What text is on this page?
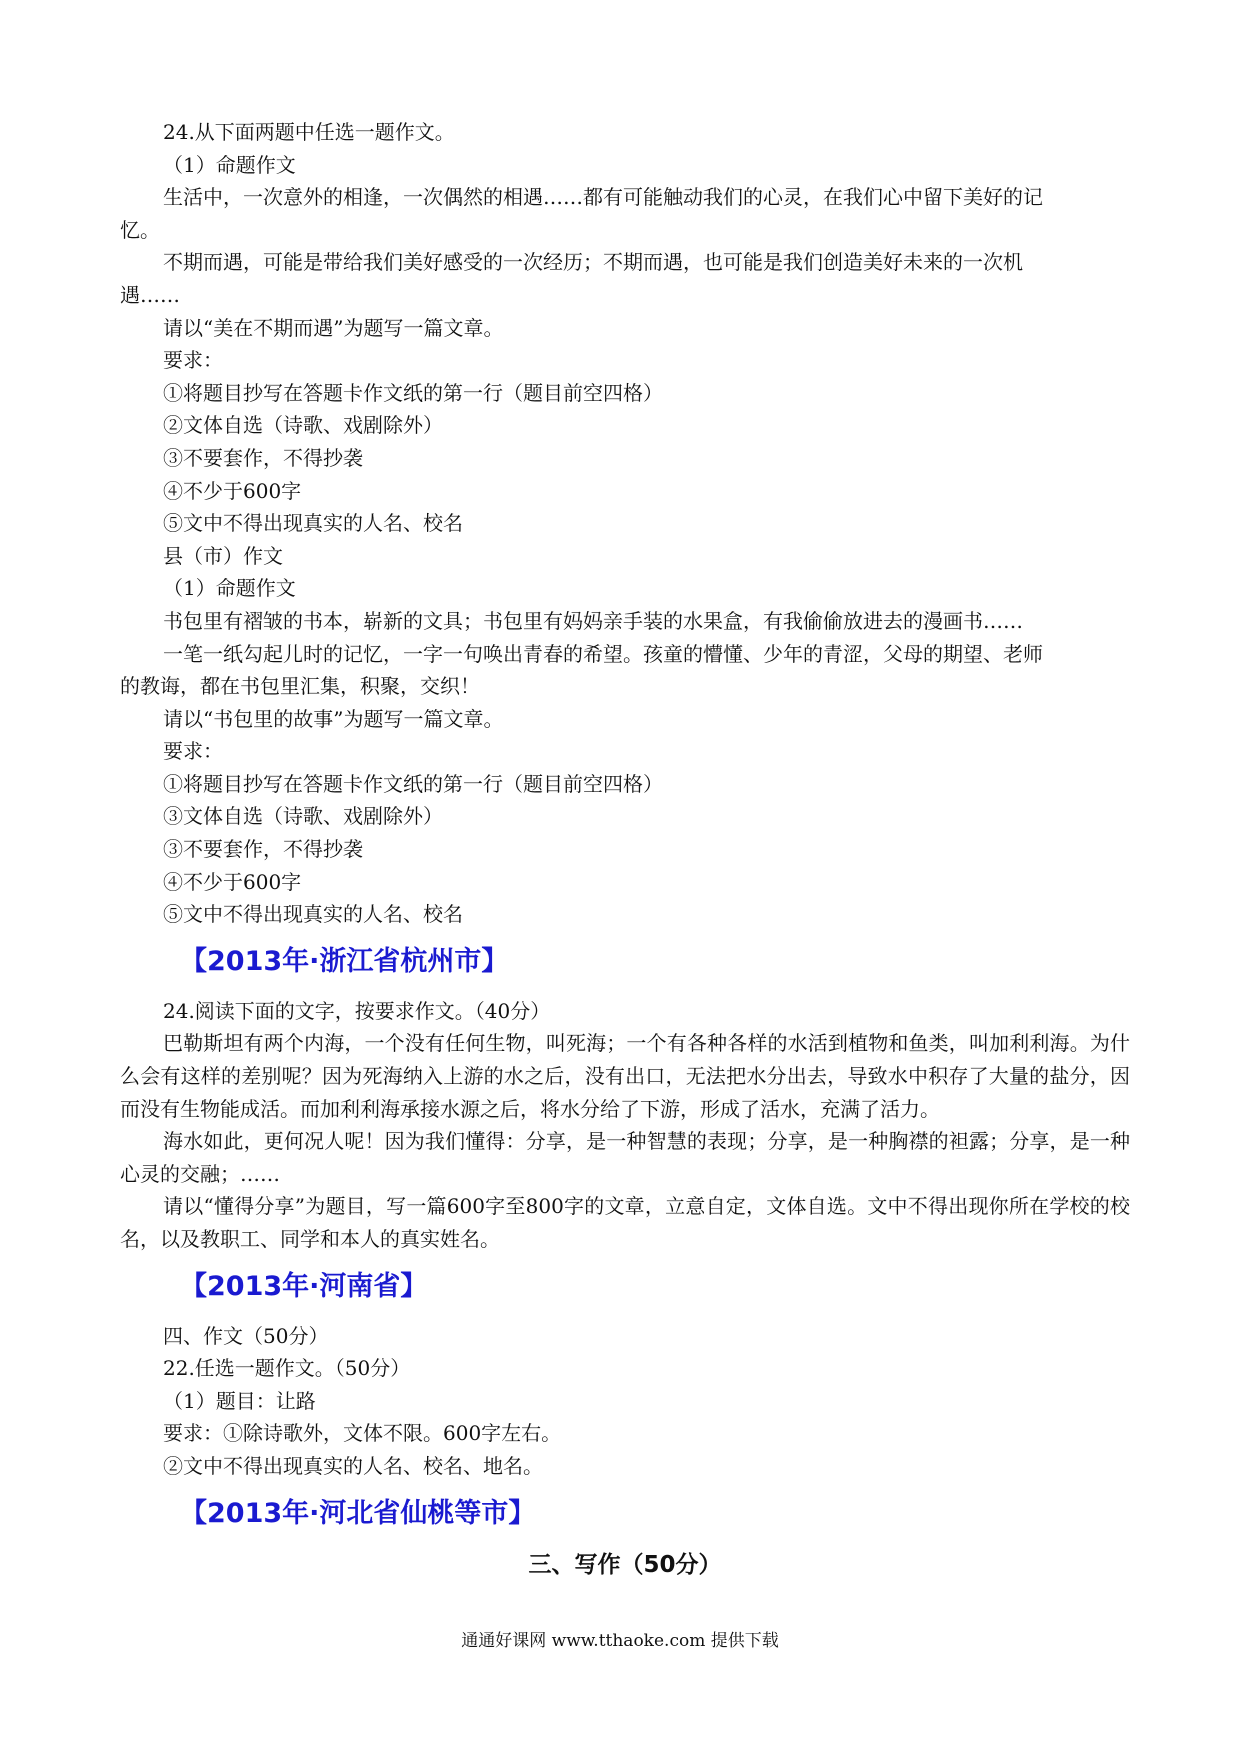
24.从下面两题中任选一题作文。
（1）命题作文
生活中，一次意外的相逢，一次偶然的相遇……都有可能触动我们的心灵，在我们心中留下美好的记
忆。
不期而遇，可能是带给我们美好感受的一次经历；不期而遇，也可能是我们创造美好未来的一次机
遇……
请以“美在不期而遇”为题写一篇文章。
要求：
①将题目抄写在答题卡作文纸的第一行（题目前空四格）
②文体自选（诗歌、戏剧除外）
③不要套作，不得抄袭
④不少于600字
⑤文中不得出现真实的人名、校名
县（市）作文
（1）命题作文
书包里有褶皱的书本，崭新的文具；书包里有妈妈亲手装的水果盒，有我偷偷放进去的漫画书……
一笔一纸勾起儿时的记忆，一字一句唤出青春的希望。孩童的懵懂、少年的青涩，父母的期望、老师
的教诲，都在书包里汇集，积聚，交织！
请以“书包里的故事”为题写一篇文章。
要求：
①将题目抄写在答题卡作文纸的第一行（题目前空四格）
③文体自选（诗歌、戏剧除外）
③不要套作，不得抄袭
④不少于600字
⑤文中不得出现真实的人名、校名
【2013年·浙江省杭州市】
24.阅读下面的文字，按要求作文。（40分）
巴勒斯坦有两个内海，一个没有任何生物，叫死海；一个有各种各样的水活到植物和鱼类，叫加利利海。为什么会有这样的差别呢？因为死海纳入上游的水之后，没有出口，无法把水分出去，导致水中积存了大量的盐分，因而没有生物能成活。而加利利海承接水源之后，将水分给了下游，形成了活水，充满了活力。
海水如此，更何况人呢！因为我们懂得：分享，是一种智慧的表现；分享，是一种胸襟的袒露；分享，是一种心灵的交融；……
请以“懂得分享”为题目，写一篇600字至800字的文章，立意自定，文体自选。文中不得出现你所在学校的校名，以及教职工、同学和本人的真实姓名。
【2013年·河南省】
四、作文（50分）
22.任选一题作文。（50分）
（1）题目：让路
要求：①除诗歌外，文体不限。600字左右。
②文中不得出现真实的人名、校名、地名。
【2013年·河北省仙桃等市】
三、写作（50分）
通通好课网 www.tthaoke.com 提供下载
